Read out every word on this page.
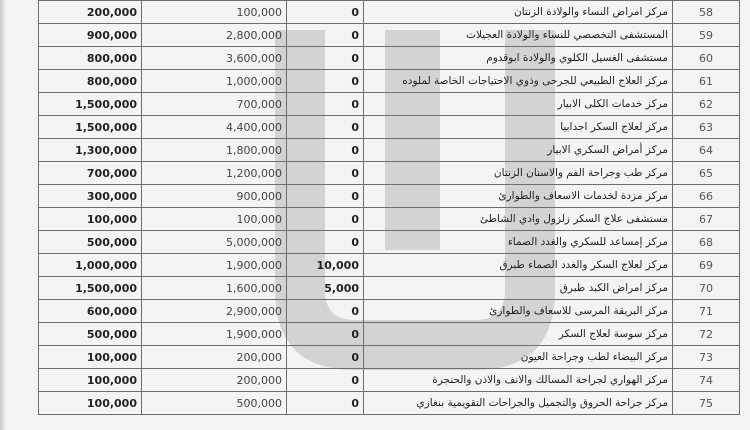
200,000	100,000	0	مركز امراض النساء والولادة الزنتان	58
900,000	2,800,000	0	المستشفى التخصصي للنساء والولادة العجيلات	59
800,000	3,600,000	0	مستشفى الغسيل الكلوي والولادة ابوقدوم	60
800,000	1,000,000	0	مركز العلاج الطبيعي للجرحى وذوي الاحتياجات الخاصة لملوده	61
1,500,000	700,000	0	مركز خدمات الكلى الابيار	62
1,500,000	4,400,000	0	مركز لعلاج السكر اجدابيا	63
1,300,000	1,800,000	0	مركز أمراض السكري الابيار	64
700,000	1,200,000	0	مركز طب وجراحة الفم والاسنان الزنتان	65
300,000	900,000	0	مركز مزدة لخدمات الاسعاف والطوارئ	66
100,000	100,000	0	مستشفى علاج السكر زلزول وادي الشاطئ	67
500,000	5,000,000	0	مركز إمساعد للسكري والغدد الصماء	68
1,000,000	1,900,000	10,000	مركز لعلاج السكر والغدد الصماء طبرق	69
1,500,000	1,600,000	5,000	مركز امراض الكبد طبرق	70
600,000	2,900,000	0	مركز البريقة المرسى للاسعاف والطوارئ	71
500,000	1,900,000	0	مركز سوسة لعلاج السكر	72
100,000	200,000	0	مركز البيضاء لطب وجراحة العيون	73
100,000	200,000	0	مركز الهواري لجراحة المسالك والانف والاذن والحنجرة	74
100,000	500,000	0	مركز جراحة الحروق والتجميل والجراحات التقويمية بنغازي	75
